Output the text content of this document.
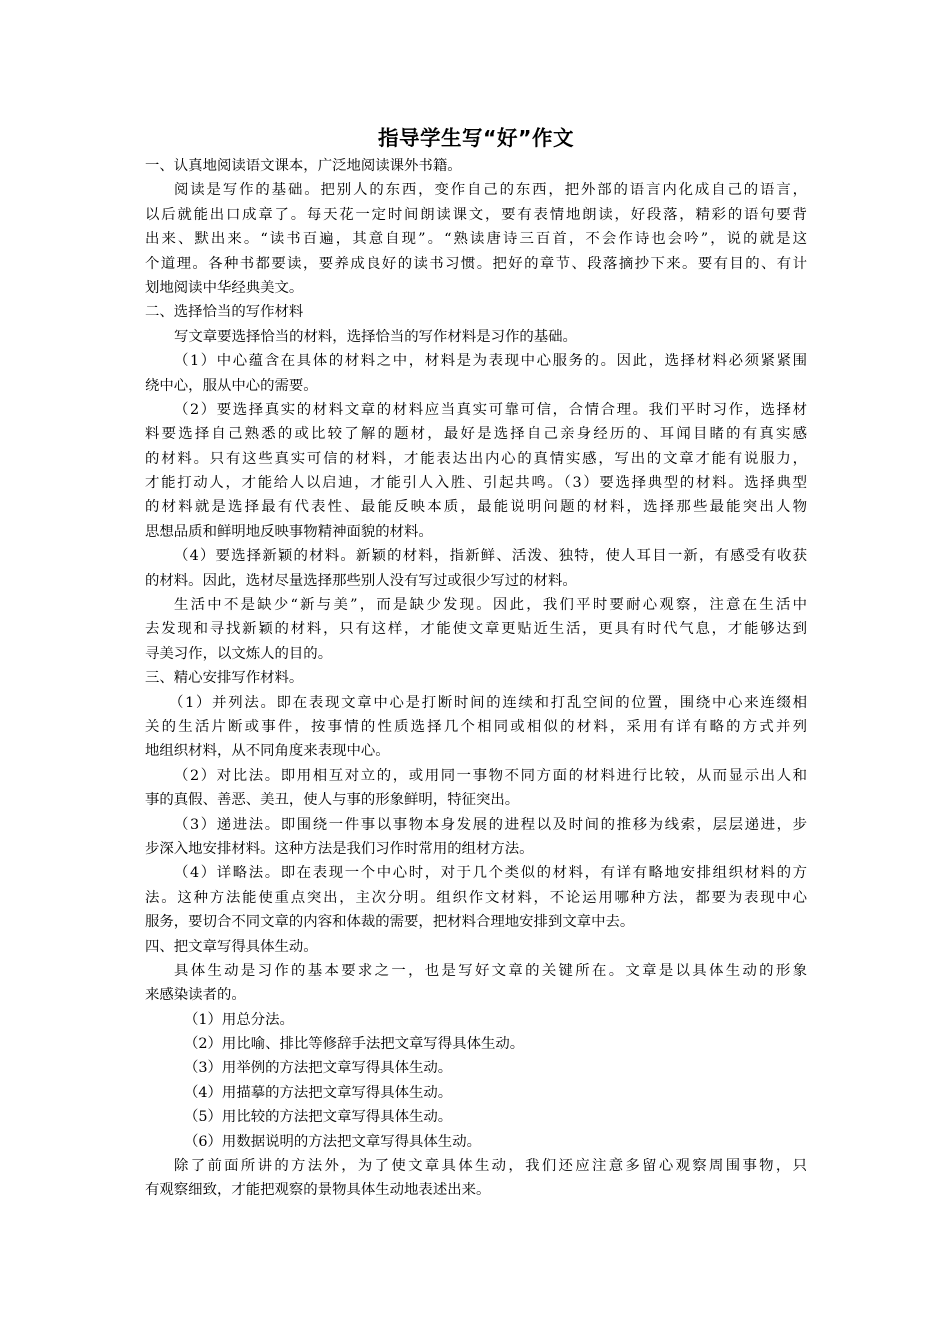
指导学生写“好”作文
一、认真地阅读语文课本，广泛地阅读课外书籍。
阅读是写作的基础。把别人的东西，变作自己的东西，把外部的语言内化成自己的语言，
以后就能出口成章了。每天花一定时间朗读课文，要有表情地朗读，好段落，精彩的语句要背
出来、默出来。“读书百遍，其意自现”。“熟读唐诗三百首，不会作诗也会吟”，说的就是这
个道理。各种书都要读，要养成良好的读书习惯。把好的章节、段落摘抄下来。要有目的、有计
划地阅读中华经典美文。
二、选择恰当的写作材料
写文章要选择恰当的材料，选择恰当的写作材料是习作的基础。
（1）中心蕴含在具体的材料之中，材料是为表现中心服务的。因此，选择材料必须紧紧围
绕中心，服从中心的需要。
（2）要选择真实的材料文章的材料应当真实可靠可信，合情合理。我们平时习作，选择材
料要选择自己熟悉的或比较了解的题材，最好是选择自己亲身经历的、耳闻目睹的有真实感
的材料。只有这些真实可信的材料，才能表达出内心的真情实感，写出的文章才能有说服力，
才能打动人，才能给人以启迪，才能引人入胜、引起共鸣。（3）要选择典型的材料。选择典型
的材料就是选择最有代表性、最能反映本质，最能说明问题的材料，选择那些最能突出人物
思想品质和鲜明地反映事物精神面貌的材料。
（4）要选择新颖的材料。新颖的材料，指新鲜、活泼、独特，使人耳目一新，有感受有收获
的材料。因此，选材尽量选择那些别人没有写过或很少写过的材料。
生活中不是缺少“新与美”，而是缺少发现。因此，我们平时要耐心观察，注意在生活中
去发现和寻找新颖的材料，只有这样，才能使文章更贴近生活，更具有时代气息，才能够达到
寻美习作，以文炼人的目的。
三、精心安排写作材料。
（1）并列法。即在表现文章中心是打断时间的连续和打乱空间的位置，围绕中心来连缀相
关的生活片断或事件，按事情的性质选择几个相同或相似的材料，采用有详有略的方式并列
地组织材料，从不同角度来表现中心。
（2）对比法。即用相互对立的，或用同一事物不同方面的材料进行比较，从而显示出人和
事的真假、善恶、美丑，使人与事的形象鲜明，特征突出。
（3）递进法。即围绕一件事以事物本身发展的进程以及时间的推移为线索，层层递进，步
步深入地安排材料。这种方法是我们习作时常用的组材方法。
（4）详略法。即在表现一个中心时，对于几个类似的材料，有详有略地安排组织材料的方
法。这种方法能使重点突出，主次分明。组织作文材料，不论运用哪种方法，都要为表现中心
服务，要切合不同文章的内容和体裁的需要，把材料合理地安排到文章中去。
四、把文章写得具体生动。
具体生动是习作的基本要求之一，也是写好文章的关键所在。文章是以具体生动的形象
来感染读者的。
（1）用总分法。
（2）用比喻、排比等修辞手法把文章写得具体生动。
（3）用举例的方法把文章写得具体生动。
（4）用描摹的方法把文章写得具体生动。
（5）用比较的方法把文章写得具体生动。
（6）用数据说明的方法把文章写得具体生动。
除了前面所讲的方法外，为了使文章具体生动，我们还应注意多留心观察周围事物，只
有观察细致，才能把观察的景物具体生动地表述出来。
